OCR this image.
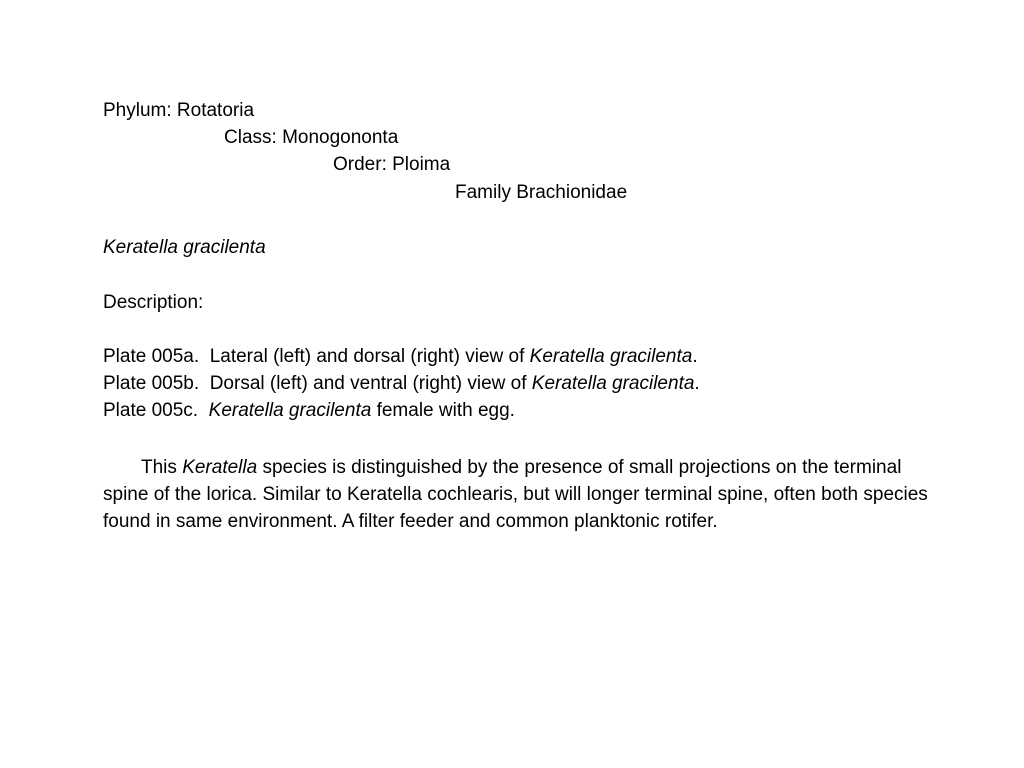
Phylum: Rotatoria
Class: Monogononta
Order: Ploima
Family Brachionidae
Keratella gracilenta
Description:
Plate 005a. Lateral (left) and dorsal (right) view of Keratella gracilenta.
Plate 005b. Dorsal (left) and ventral (right) view of Keratella gracilenta.
Plate 005c. Keratella gracilenta female with egg.
This Keratella species is distinguished by the presence of small projections on the terminal spine of the lorica. Similar to Keratella cochlearis, but will longer terminal spine, often both species found in same environment. A filter feeder and common planktonic rotifer.
